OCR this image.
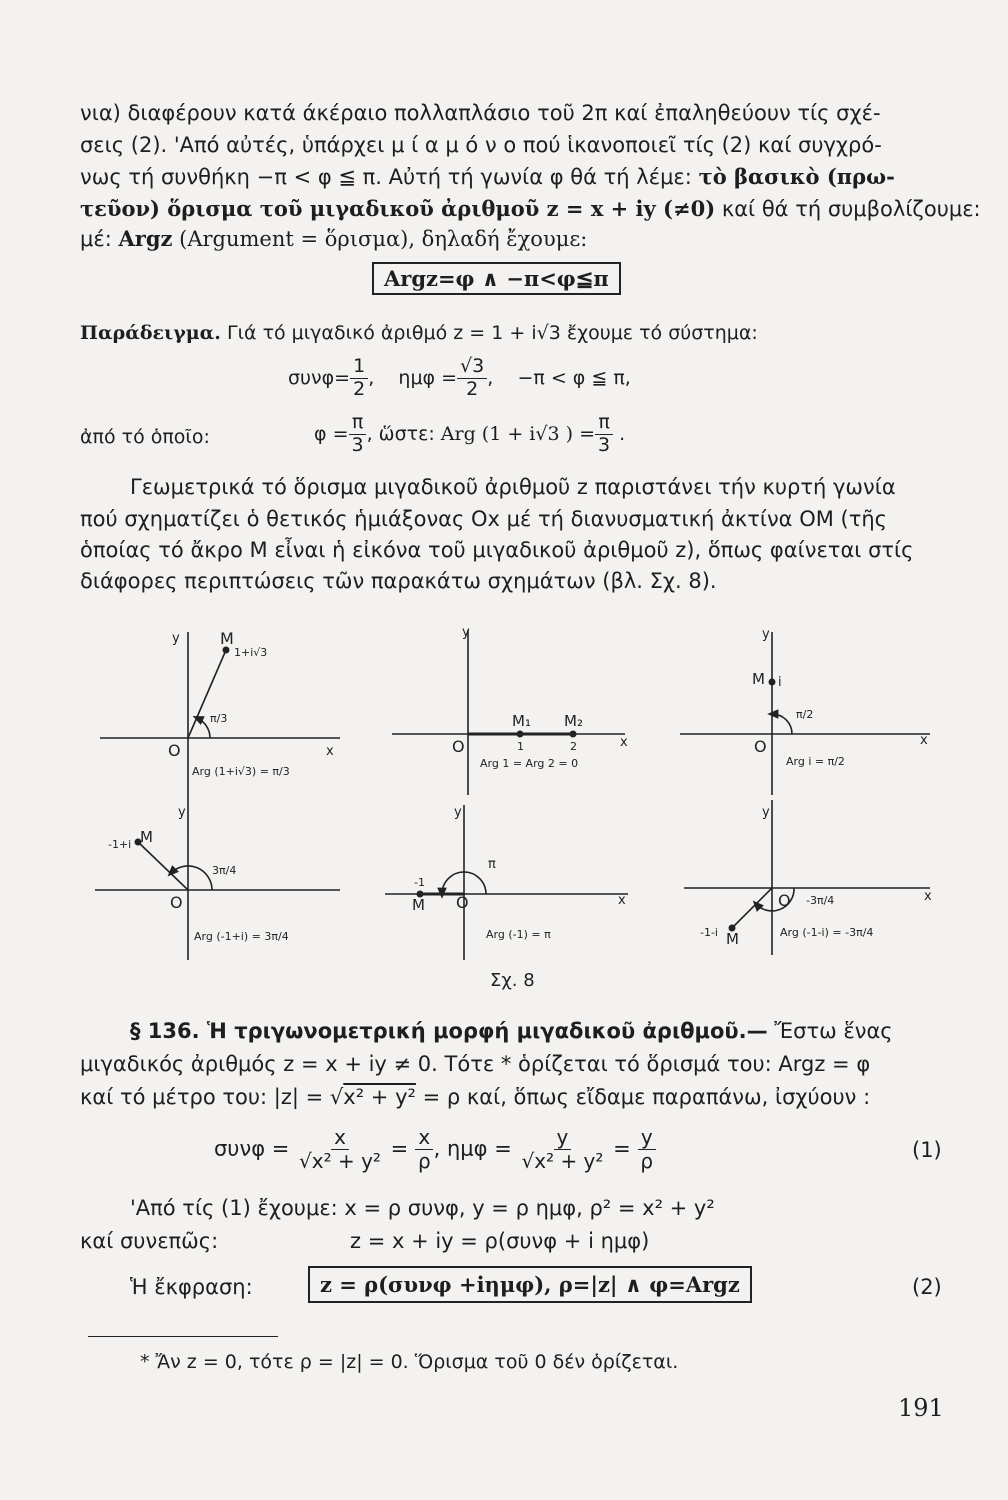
νια) διαφέρουν κατά άκέραιο πολλαπλάσιο τοῦ 2π καί ἐπαληθεύουν τίς σχέ-
σεις (2). 'Από αὐτές, ὑπάρχει μ ί α μ ό ν ο πού ἱκανοποιεῖ τίς (2) καί συγχρό-
νως τή συνθήκη −π < φ ≦ π. Αὐτή τή γωνία φ θά τή λέμε: τὸ βασικὸ (πρω-
τεῦον) ὅρισμα τοῦ μιγαδικοῦ ἀριθμοῦ z = x + iy (≠0) καί θά τή συμβολίζουμε:
μέ: Argz (Argument = ὅρισμα), δηλαδή ἔχουμε:
Argz=φ ∧ −π<φ≦π
Παράδειγμα. Γιά τό μιγαδικό ἀριθμό z = 1 + i√3 ἔχουμε τό σύστημα:
$\sigma\upsilon\nu\varphi= \frac{1}{2}$ ,    $\eta\mu\varphi = \frac{√3}{2}$ ,    −π < φ ≦ π,
ἀπό τό ὁποῖο:	$\varphi = \frac{\pi}{3}$ , ὥστε: Arg (1 + i√3 ) = $\frac{\pi}{3}$ .
Γεωμετρικά τό ὅρισμα μιγαδικοῦ ἀριθμοῦ z παριστάνει τήν κυρτή γωνία
πού σχηματίζει ὁ θετικός ἡμιάξονας Ox μέ τή διανυσματική ἀκτίνα OM (τῆς
ὁποίας τό ἄκρο M εἶναι ἡ εἰκόνα τοῦ μιγαδικοῦ ἀριθμοῦ z), ὅπως φαίνεται στίς
διάφορες περιπτώσεις τῶν παρακάτω σχημάτων (βλ. Σχ. 8).
y
x
O
M
1+i√3
π/3
Arg (1+i√3) = π/3
y
x
O
M₁ M₂
1	2
Arg 1 = Arg 2 = 0
y
x
O
M i
π/2
Arg i = π/2
y
O
M
-1+i
3π/4
Arg (-1+i) = 3π/4
y
x
O
M
-1
π
Arg (-1) = π
y
x
O
M
-1-i
-3π/4
Arg (-1-i) = -3π/4
Σχ. 8
§ 136. Ἡ τριγωνομετρική μορφή μιγαδικοῦ ἀριθμοῦ.— Ἔστω ἕνας
μιγαδικός ἀριθμός z = x + iy ≠ 0. Τότε * ὁρίζεται τό ὅρισμά του: Argz = φ
καί τό μέτρο του: |z| = √x² + y² = ρ καί, ὅπως εἴδαμε παραπάνω, ἰσχύουν :
$\sigma\upsilon\nu\varphi = \frac{x}{\text{√x² + y²}} = \frac{x}{\rho}$ , $\eta\mu\varphi = \frac{y}{\text{√x² + y²}} = \frac{y}{\rho}$	(1)
'Από τίς (1) ἔχουμε: x = ρ συνφ, y = ρ ημφ, ρ² = x² + y²
καί συνεπῶς:	z = x + iy = ρ(συνφ + i ημφ)
Ἡ ἔκφραση:	z = ρ(συνφ +iημφ), ρ=|z| ∧ φ=Argz	(2)
* Ἄν z = 0, τότε ρ = |z| = 0. Ὅρισμα τοῦ 0 δέν ὁρίζεται.
191
